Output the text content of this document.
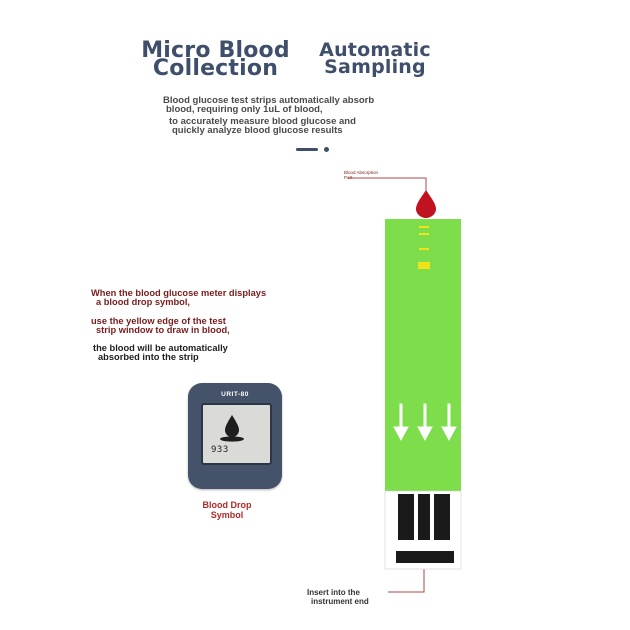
Micro Blood
Collection
Automatic
Sampling
Blood glucose test strips automatically absorb
blood, requiring only 1uL of blood,
to accurately measure blood glucose and
quickly analyze blood glucose results
When the blood glucose meter displays
a blood drop symbol,
use the yellow edge of the test
strip window to draw in blood,
the blood will be automatically
absorbed into the strip
URIT-80
933
Blood Drop
Symbol
Blood Absorption
Port
Insert into the
instrument end
